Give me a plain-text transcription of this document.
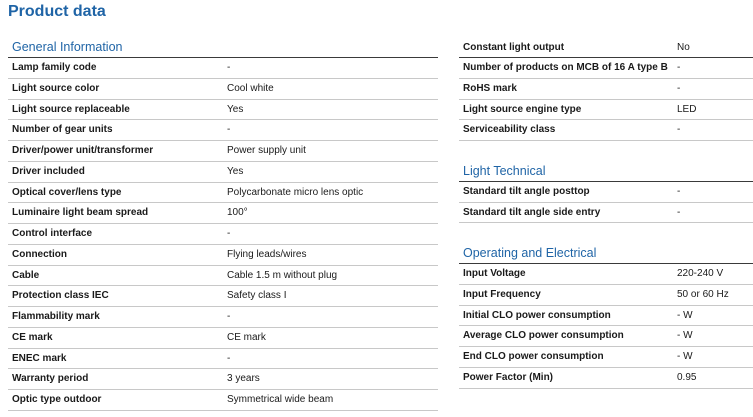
Product data
General Information
Lamp family code	-
Light source color	Cool white
Light source replaceable	Yes
Number of gear units	-
Driver/power unit/transformer	Power supply unit
Driver included	Yes
Optical cover/lens type	Polycarbonate micro lens optic
Luminaire light beam spread	100°
Control interface	-
Connection	Flying leads/wires
Cable	Cable 1.5 m without plug
Protection class IEC	Safety class I
Flammability mark	-
CE mark	CE mark
ENEC mark	-
Warranty period	3 years
Optic type outdoor	Symmetrical wide beam
Constant light output	No
Number of products on MCB of 16 A type B -
RoHS mark	-
Light source engine type	LED
Serviceability class	-
Light Technical
Standard tilt angle posttop	-
Standard tilt angle side entry	-
Operating and Electrical
Input Voltage	220-240 V
Input Frequency	50 or 60 Hz
Initial CLO power consumption	- W
Average CLO power consumption	- W
End CLO power consumption	- W
Power Factor (Min)	0.95
